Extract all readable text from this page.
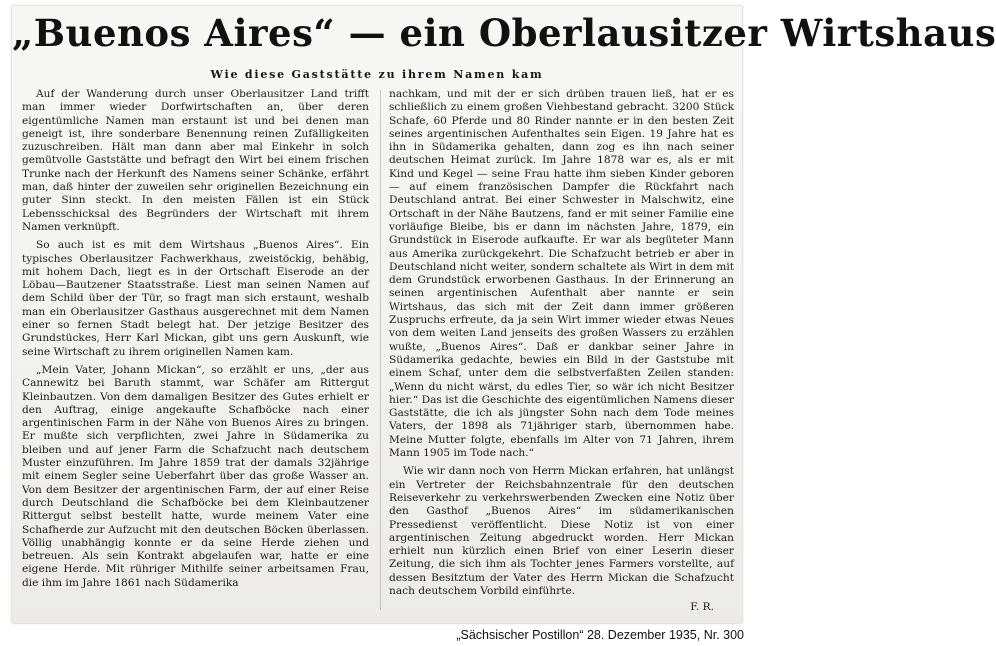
„Buenos Aires“ — ein Oberlausitzer Wirtshaus
Wie diese Gaststätte zu ihrem Namen kam

Auf der Wanderung durch unser Oberlausitzer Land trifft man immer wieder Dorfwirtschaften an, über deren eigentümliche Namen man erstaunt ist und bei denen man geneigt ist, ihre sonderbare Benennung reinen Zufälligkeiten zuzuschreiben. Hält man dann aber mal Einkehr in solch gemütvolle Gaststätte und befragt den Wirt bei einem frischen Trunke nach der Herkunft des Namens seiner Schänke, erfährt man, daß hinter der zuweilen sehr originellen Bezeichnung ein guter Sinn steckt. In den meisten Fällen ist ein Stück Lebensschicksal des Begründers der Wirtschaft mit ihrem Namen verknüpft.

So auch ist es mit dem Wirtshaus „Buenos Aires“. Ein typisches Oberlausitzer Fachwerkhaus, zweistöckig, behäbig, mit hohem Dach, liegt es in der Ortschaft Eiserode an der Löbau—Bautzener Staatsstraße. Liest man seinen Namen auf dem Schild über der Tür, so fragt man sich erstaunt, weshalb man ein Oberlausitzer Gasthaus ausgerechnet mit dem Namen einer so fernen Stadt belegt hat. Der jetzige Besitzer des Grundstückes, Herr Karl Mickan, gibt uns gern Auskunft, wie seine Wirtschaft zu ihrem originellen Namen kam.

„Mein Vater, Johann Mickan“, so erzählt er uns, „der aus Cannewitz bei Baruth stammt, war Schäfer am Rittergut Kleinbautzen. Von dem damaligen Besitzer des Gutes erhielt er den Auftrag, einige angekaufte Schafböcke nach einer argentinischen Farm in der Nähe von Buenos Aires zu bringen. Er mußte sich verpflichten, zwei Jahre in Südamerika zu bleiben und auf jener Farm die Schafzucht nach deutschem Muster einzuführen. Im Jahre 1859 trat der damals 32jährige mit einem Segler seine Ueberfahrt über das große Wasser an. Von dem Besitzer der argentinischen Farm, der auf einer Reise durch Deutschland die Schafböcke bei dem Kleinbautzener Rittergut selbst bestellt hatte, wurde meinem Vater eine Schafherde zur Aufzucht mit den deutschen Böcken überlassen. Völlig unabhängig konnte er da seine Herde ziehen und betreuen. Als sein Kontrakt abgelaufen war, hatte er eine eigene Herde. Mit rühriger Mithilfe seiner arbeitsamen Frau, die ihm im Jahre 1861 nach Südamerika

nachkam, und mit der er sich drüben trauen ließ, hat er es schließlich zu einem großen Viehbestand gebracht. 3200 Stück Schafe, 60 Pferde und 80 Rinder nannte er in den besten Zeit seines argentinischen Aufenthaltes sein Eigen. 19 Jahre hat es ihn in Südamerika gehalten, dann zog es ihn nach seiner deutschen Heimat zurück. Im Jahre 1878 war es, als er mit Kind und Kegel — seine Frau hatte ihm sieben Kinder geboren — auf einem französischen Dampfer die Rückfahrt nach Deutschland antrat. Bei einer Schwester in Malschwitz, eine Ortschaft in der Nähe Bautzens, fand er mit seiner Familie eine vorläufige Bleibe, bis er dann im nächsten Jahre, 1879, ein Grundstück in Eiserode aufkaufte. Er war als begüteter Mann aus Amerika zurückgekehrt. Die Schafzucht betrieb er aber in Deutschland nicht weiter, sondern schaltete als Wirt in dem mit dem Grundstück erworbenen Gasthaus. In der Erinnerung an seinen argentinischen Aufenthalt aber nannte er sein Wirtshaus, das sich mit der Zeit dann immer größeren Zuspruchs erfreute, da ja sein Wirt immer wieder etwas Neues von dem weiten Land jenseits des großen Wassers zu erzählen wußte, „Buenos Aires“. Daß er dankbar seiner Jahre in Südamerika gedachte, bewies ein Bild in der Gaststube mit einem Schaf, unter dem die selbstverfaßten Zeilen standen: „Wenn du nicht wärst, du edles Tier, so wär ich nicht Besitzer hier.“ Das ist die Geschichte des eigentümlichen Namens dieser Gaststätte, die ich als jüngster Sohn nach dem Tode meines Vaters, der 1898 als 71jähriger starb, übernommen habe. Meine Mutter folgte, ebenfalls im Alter von 71 Jahren, ihrem Mann 1905 im Tode nach.“

Wie wir dann noch von Herrn Mickan erfahren, hat unlängst ein Vertreter der Reichsbahnzentrale für den deutschen Reiseverkehr zu verkehrswerbenden Zwecken eine Notiz über den Gasthof „Buenos Aires“ im südamerikanischen Pressedienst veröffentlicht. Diese Notiz ist von einer argentinischen Zeitung abgedruckt worden. Herr Mickan erhielt nun kürzlich einen Brief von einer Leserin dieser Zeitung, die sich ihm als Tochter jenes Farmers vorstellte, auf dessen Besitztum der Vater des Herrn Mickan die Schafzucht nach deutschem Vorbild einführte.

F. R.
„Sächsischer Postillon“ 28. Dezember 1935, Nr. 300
